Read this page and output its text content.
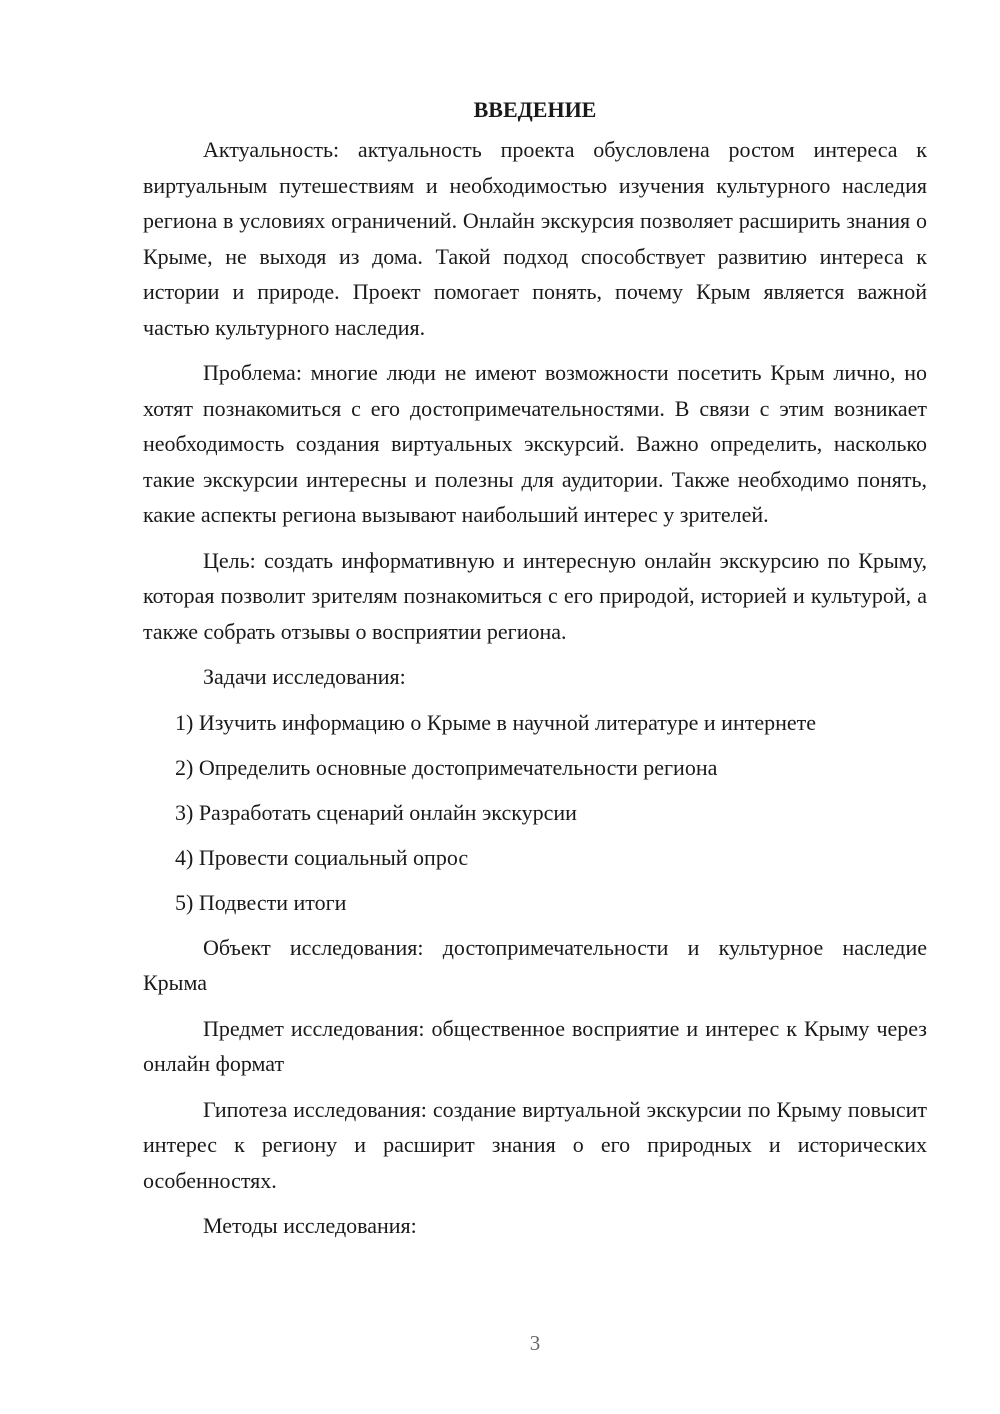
ВВЕДЕНИЕ

Актуальность: актуальность проекта обусловлена ростом интереса к виртуальным путешествиям и необходимостью изучения культурного наследия региона в условиях ограничений. Онлайн экскурсия позволяет расширить знания о Крыме, не выходя из дома. Такой подход способствует развитию интереса к истории и природе. Проект помогает понять, почему Крым является важной частью культурного наследия.

Проблема: многие люди не имеют возможности посетить Крым лично, но хотят познакомиться с его достопримечательностями. В связи с этим возникает необходимость создания виртуальных экскурсий. Важно определить, насколько такие экскурсии интересны и полезны для аудитории. Также необходимо понять, какие аспекты региона вызывают наибольший интерес у зрителей.

Цель: создать информативную и интересную онлайн экскурсию по Крыму, которая позволит зрителям познакомиться с его природой, историей и культурой, а также собрать отзывы о восприятии региона.

Задачи исследования:

1) Изучить информацию о Крыме в научной литературе и интернете
2) Определить основные достопримечательности региона
3) Разработать сценарий онлайн экскурсии
4) Провести социальный опрос
5) Подвести итоги

Объект исследования: достопримечательности и культурное наследие Крыма

Предмет исследования: общественное восприятие и интерес к Крыму через онлайн формат

Гипотеза исследования: создание виртуальной экскурсии по Крыму повысит интерес к региону и расширит знания о его природных и исторических особенностях.

Методы исследования:

3
